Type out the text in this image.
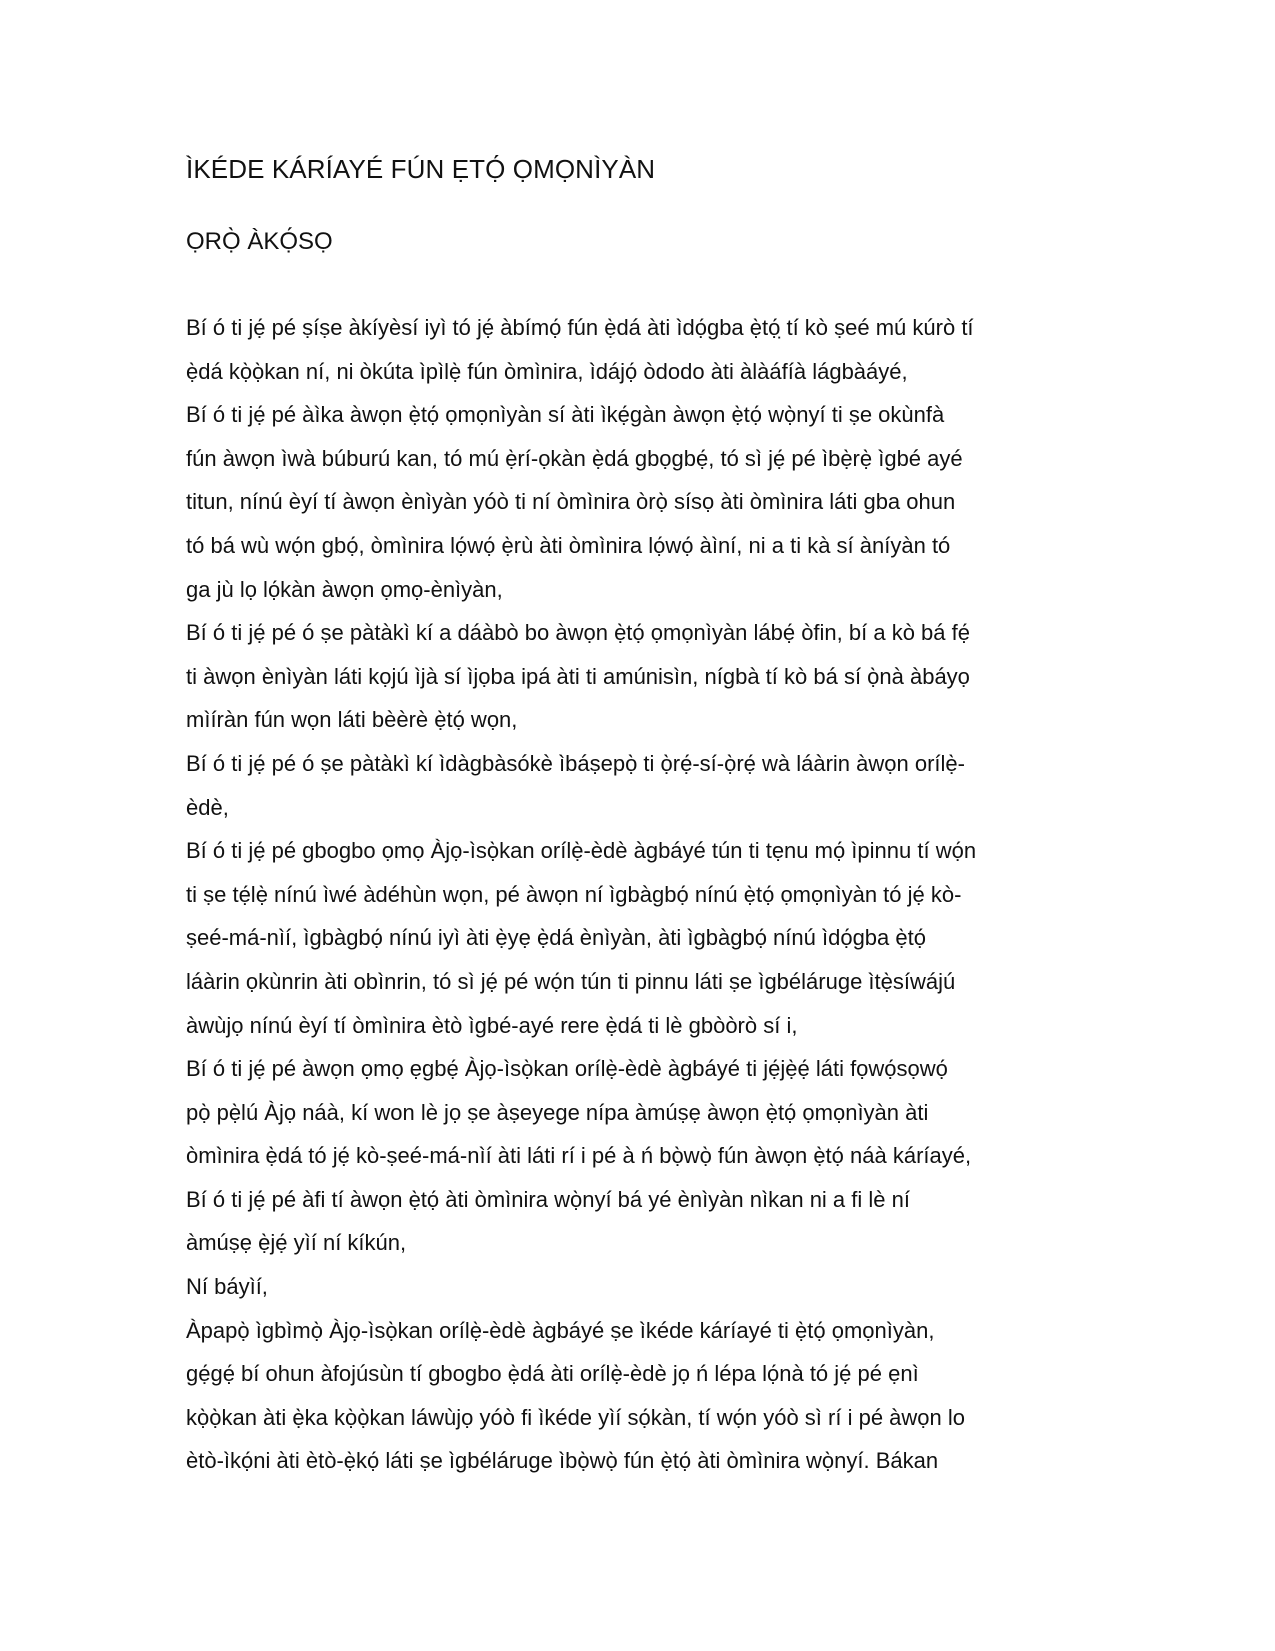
ÌKÉDE KÁRÍAYÉ FÚN ẸTỌ́ ỌMỌNÌYÀN
ỌRỌ̀ ÀKỌ́SỌ
Bí ó ti jẹ́ pé ṣíṣe àkíyèsí iyì tó jẹ́ àbímọ́ fún ẹ̀dá àti ìdọ́gba ẹ̀tọ́ ̣tí kò ṣeé mú kúrò tí
ẹ̀dá kọ̀ọ̀kan ní, ni òkúta ìpìlẹ̀ fún òmìnira, ìdájọ́ òdodo àti àlàáfíà lágbàáyé,
Bí ó ti jẹ́ pé àìka àwọn ẹ̀tọ́ ọmọnìyàn sí àti ìkẹ́gàn àwọn ẹ̀tọ́ wọ̀nyí ti ṣe okùnfà
fún àwọn ìwà búburú kan, tó mú ẹ̀rí-ọkàn ẹ̀dá gbọgbẹ́, tó sì jẹ́ pé ìbẹ̀rẹ̀ ìgbé ayé
titun, nínú èyí tí àwọn ènìyàn yóò ti ní òmìnira òrọ̀ sísọ àti òmìnira láti gba ohun
tó bá wù wọ́n gbọ́, òmìnira lọ́wọ́ ẹ̀rù àti òmìnira lọ́wọ́ àìní, ni a ti kà sí àníyàn tó
ga jù lọ lọ́kàn àwọn ọmọ-ènìyàn,
Bí ó ti jẹ́ pé ó ṣe pàtàkì kí a dáàbò bo àwọn ẹ̀tọ́ ọmọnìyàn lábẹ́ òfin, bí a kò bá fẹ́
ti àwọn ènìyàn láti kọjú ìjà sí ìjọba ipá àti ti amúnisìn, nígbà tí kò bá sí ọ̀nà àbáyọ
mìíràn fún wọn láti bèèrè ẹ̀tọ́ wọn,
Bí ó ti jẹ́ pé ó ṣe pàtàkì kí ìdàgbàsókè ìbáṣepọ̀ ti ọ̀rẹ́-sí-ọ̀rẹ́ wà láàrin àwọn orílẹ̀-
èdè,
Bí ó ti jẹ́ pé gbogbo ọmọ Àjọ-ìsọ̀kan orílẹ̀-èdè àgbáyé tún ti tẹnu mọ́ ìpinnu tí wọ́n
ti ṣe tẹ́lẹ̀ nínú ìwé àdéhùn wọn, pé àwọn ní ìgbàgbọ́ nínú ẹ̀tọ́ ọmọnìyàn tó jẹ́ kò-
ṣeé-má-nìí, ìgbàgbọ́ nínú iyì àti ẹ̀yẹ ẹ̀dá ènìyàn, àti ìgbàgbọ́ nínú ìdọ́gba ẹ̀tọ́
láàrin ọkùnrin àti obìnrin, tó sì jẹ́ pé wọ́n tún ti pinnu láti ṣe ìgbéláruge ìtẹ̀síwájú
àwùjọ nínú èyí tí òmìnira ètò ìgbé-ayé rere ẹ̀dá ti lè gbòòrò sí i,
Bí ó ti jẹ́ pé àwọn ọmọ ẹgbẹ́ Àjọ-ìsọ̀kan orílẹ̀-èdè àgbáyé ti jẹ́jẹ̀ẹ́ láti fọwọ́sọwọ́
pọ̀ pẹ̀lú Àjọ náà, kí won lè jọ ṣe àṣeyege nípa àmúṣẹ àwọn ẹ̀tọ́ ọmọnìyàn àti
òmìnira ẹ̀dá tó jẹ́ kò-ṣeé-má-nìí àti láti rí i pé à ń bọ̀wọ̀ fún àwọn ẹ̀tọ́ náà káríayé,
Bí ó ti jẹ́ pé àfi tí àwọn ẹ̀tọ́ àti òmìnira wọ̀nyí bá yé ènìyàn nìkan ni a fi lè ní
àmúṣẹ ẹ̀jẹ́ yìí ní kíkún,
Ní báyìí,
Àpapọ̀ ìgbìmọ̀ Àjọ-ìsọ̀kan orílẹ̀-èdè àgbáyé ṣe ìkéde káríayé ti ẹ̀tọ́ ọmọnìyàn,
gẹ́gẹ́ bí ohun àfojúsùn tí gbogbo ẹ̀dá àti orílẹ̀-èdè jọ ń lépa lọ́nà tó jẹ́ pé ẹnì
kọ̀ọ̀kan àti ẹ̀ka kọ̀ọ̀kan láwùjọ yóò fi ìkéde yìí sọ́kàn, tí wọ́n yóò sì rí i pé àwọn lo
ètò-ìkọ́ni àti ètò-ẹ̀kọ́ láti ṣe ìgbéláruge ìbọ̀wọ̀ fún ẹ̀tọ́ àti òmìnira wọ̀nyí. Bákan
